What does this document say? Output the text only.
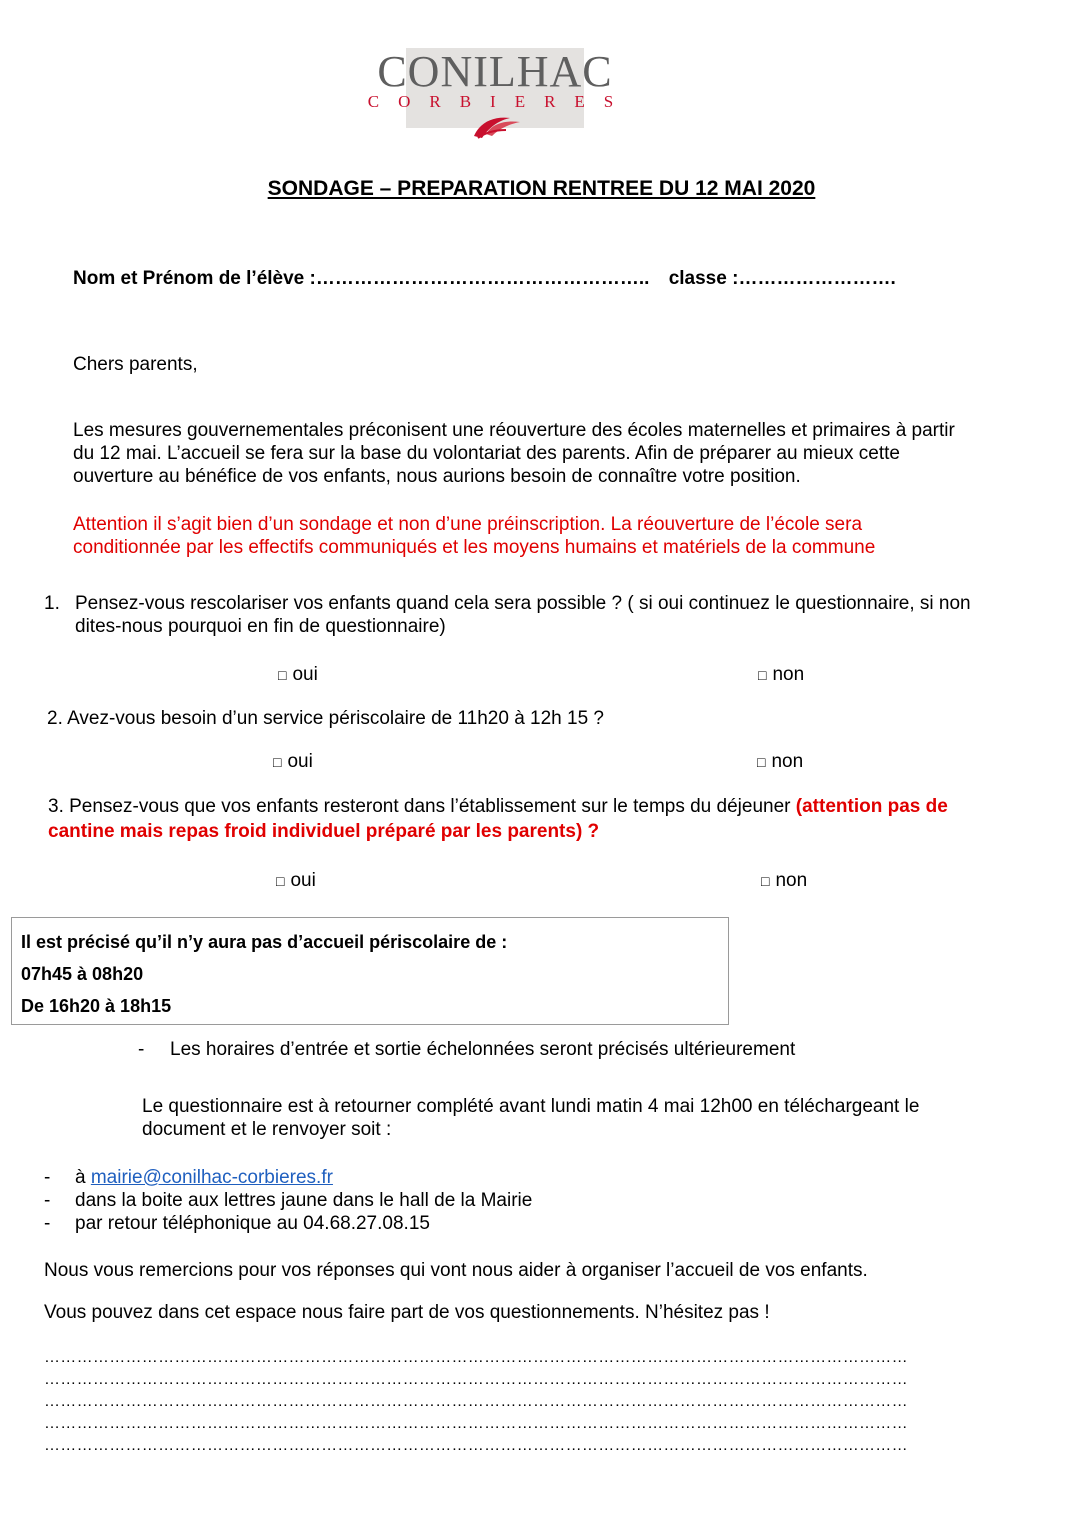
CONILHAC
CORBIERES
SONDAGE – PREPARATION RENTREE DU 12 MAI 2020
Nom et Prénom de l’élève :…………………………………………….. classe :…………………….
Chers parents,
Les mesures gouvernementales préconisent une réouverture des écoles maternelles et primaires à partir
du 12 mai. L’accueil se fera sur la base du volontariat des parents. Afin de préparer au mieux cette
ouverture au bénéfice de vos enfants, nous aurions besoin de connaître votre position.
Attention il s’agit bien d’un sondage et non d’une préinscription. La réouverture de l’école sera
conditionnée par les effectifs communiqués et les moyens humains et matériels de la commune
1. Pensez-vous rescolariser vos enfants quand cela sera possible ? ( si oui continuez le questionnaire, si non
dites-nous pourquoi en fin de questionnaire)
□ oui	□ non
2. Avez-vous besoin d’un service périscolaire de 11h20 à 12h 15 ?
□ oui	□ non
3. Pensez-vous que vos enfants resteront dans l’établissement sur le temps du déjeuner (attention pas de
cantine mais repas froid individuel préparé par les parents) ?
□ oui	□ non
Il est précisé qu’il n’y aura pas d’accueil périscolaire de :
07h45 à 08h20
De 16h20 à 18h15
- Les horaires d’entrée et sortie échelonnées seront précisés ultérieurement
Le questionnaire est à retourner complété avant lundi matin 4 mai 12h00 en téléchargeant le
document et le renvoyer soit :
- à mairie@conilhac-corbieres.fr
- dans la boite aux lettres jaune dans le hall de la Mairie
- par retour téléphonique au 04.68.27.08.15
Nous vous remercions pour vos réponses qui vont nous aider à organiser l’accueil de vos enfants.
Vous pouvez dans cet espace nous faire part de vos questionnements. N’hésitez pas !
……………………………………………………………………………………………………………………………………………
……………………………………………………………………………………………………………………………………………
……………………………………………………………………………………………………………………………………………
……………………………………………………………………………………………………………………………………………
……………………………………………………………………………………………………………………………………………
